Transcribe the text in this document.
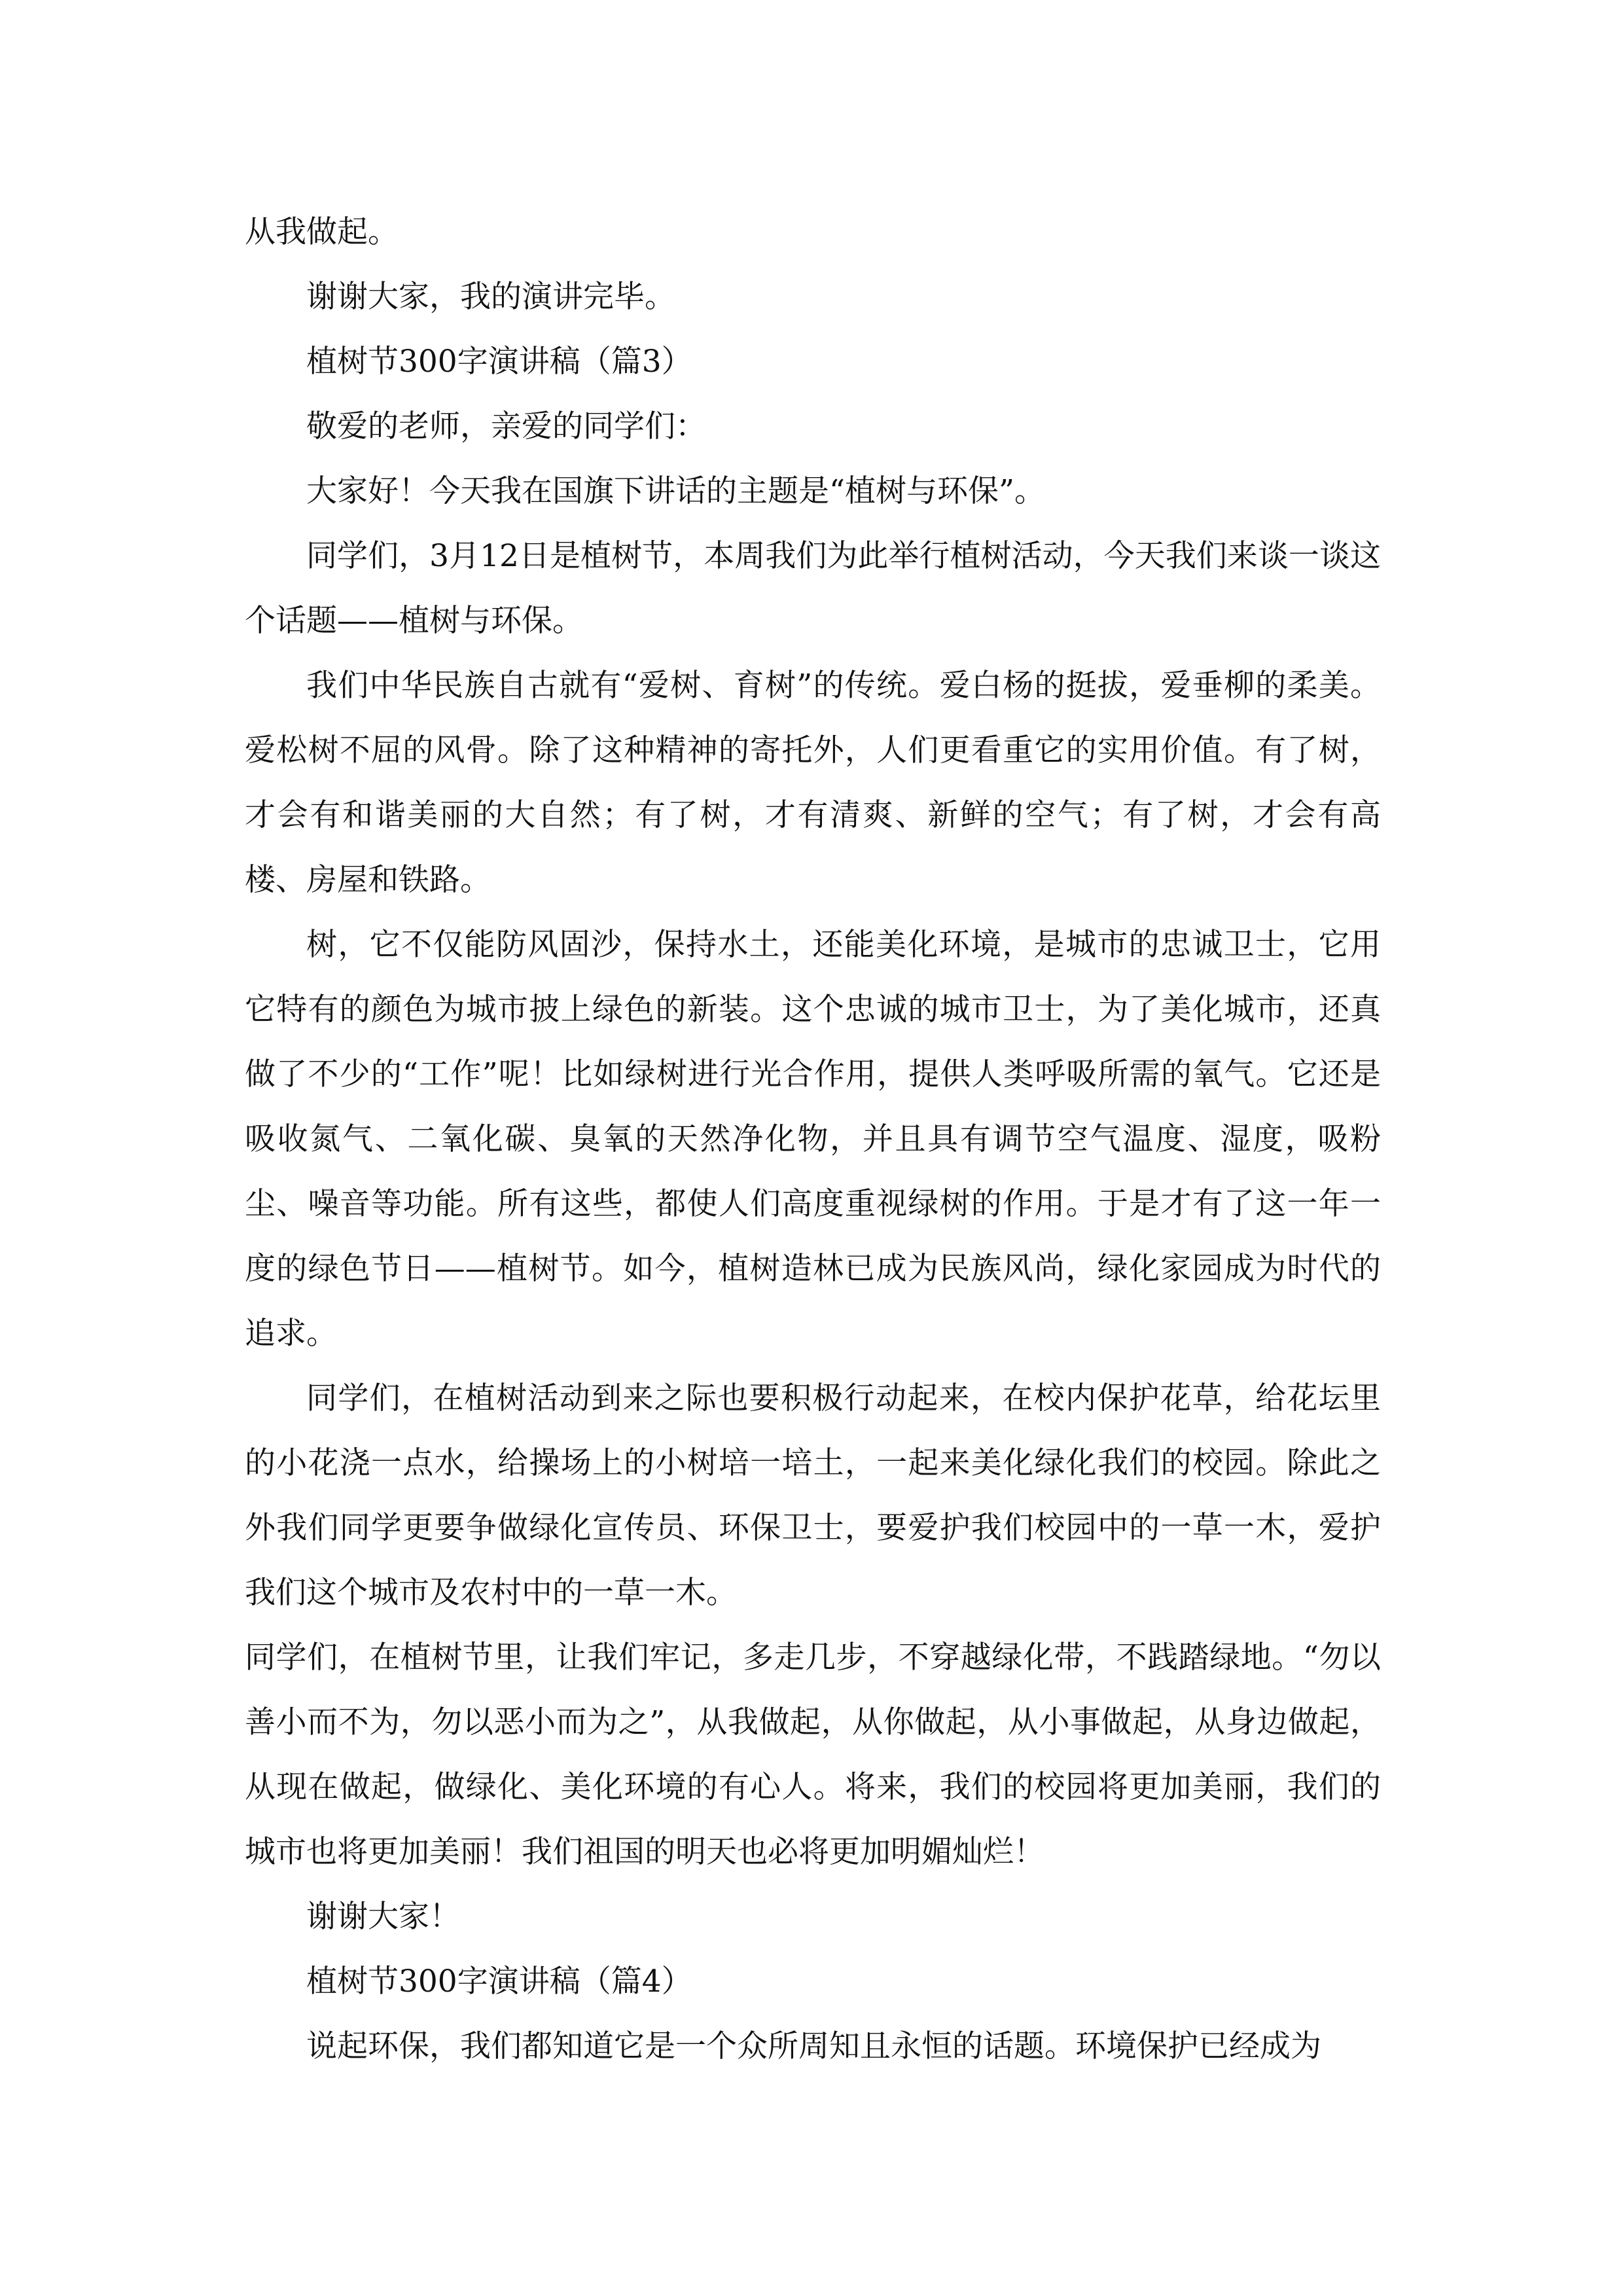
从我做起。

谢谢大家，我的演讲完毕。

植树节300字演讲稿（篇3）

敬爱的老师，亲爱的同学们：

大家好！今天我在国旗下讲话的主题是“植树与环保”。

同学们，3月12日是植树节，本周我们为此举行植树活动，今天我们来谈一谈这个话题——植树与环保。

我们中华民族自古就有“爱树、育树”的传统。爱白杨的挺拔，爱垂柳的柔美。爱松树不屈的风骨。除了这种精神的寄托外，人们更看重它的实用价值。有了树，才会有和谐美丽的大自然；有了树，才有清爽、新鲜的空气；有了树，才会有高楼、房屋和铁路。

树，它不仅能防风固沙，保持水土，还能美化环境，是城市的忠诚卫士，它用它特有的颜色为城市披上绿色的新装。这个忠诚的城市卫士，为了美化城市，还真做了不少的“工作”呢！比如绿树进行光合作用，提供人类呼吸所需的氧气。它还是吸收氮气、二氧化碳、臭氧的天然净化物，并且具有调节空气温度、湿度，吸粉尘、噪音等功能。所有这些，都使人们高度重视绿树的作用。于是才有了这一年一度的绿色节日——植树节。如今，植树造林已成为民族风尚，绿化家园成为时代的追求。

同学们，在植树活动到来之际也要积极行动起来，在校内保护花草，给花坛里的小花浇一点水，给操场上的小树培一培土，一起来美化绿化我们的校园。除此之外我们同学更要争做绿化宣传员、环保卫士，要爱护我们校园中的一草一木，爱护我们这个城市及农村中的一草一木。

同学们，在植树节里，让我们牢记，多走几步，不穿越绿化带，不践踏绿地。“勿以善小而不为，勿以恶小而为之”，从我做起，从你做起，从小事做起，从身边做起，从现在做起，做绿化、美化环境的有心人。将来，我们的校园将更加美丽，我们的城市也将更加美丽！我们祖国的明天也必将更加明媚灿烂！

谢谢大家！

植树节300字演讲稿（篇4）

说起环保，我们都知道它是一个众所周知且永恒的话题。环境保护已经成为
